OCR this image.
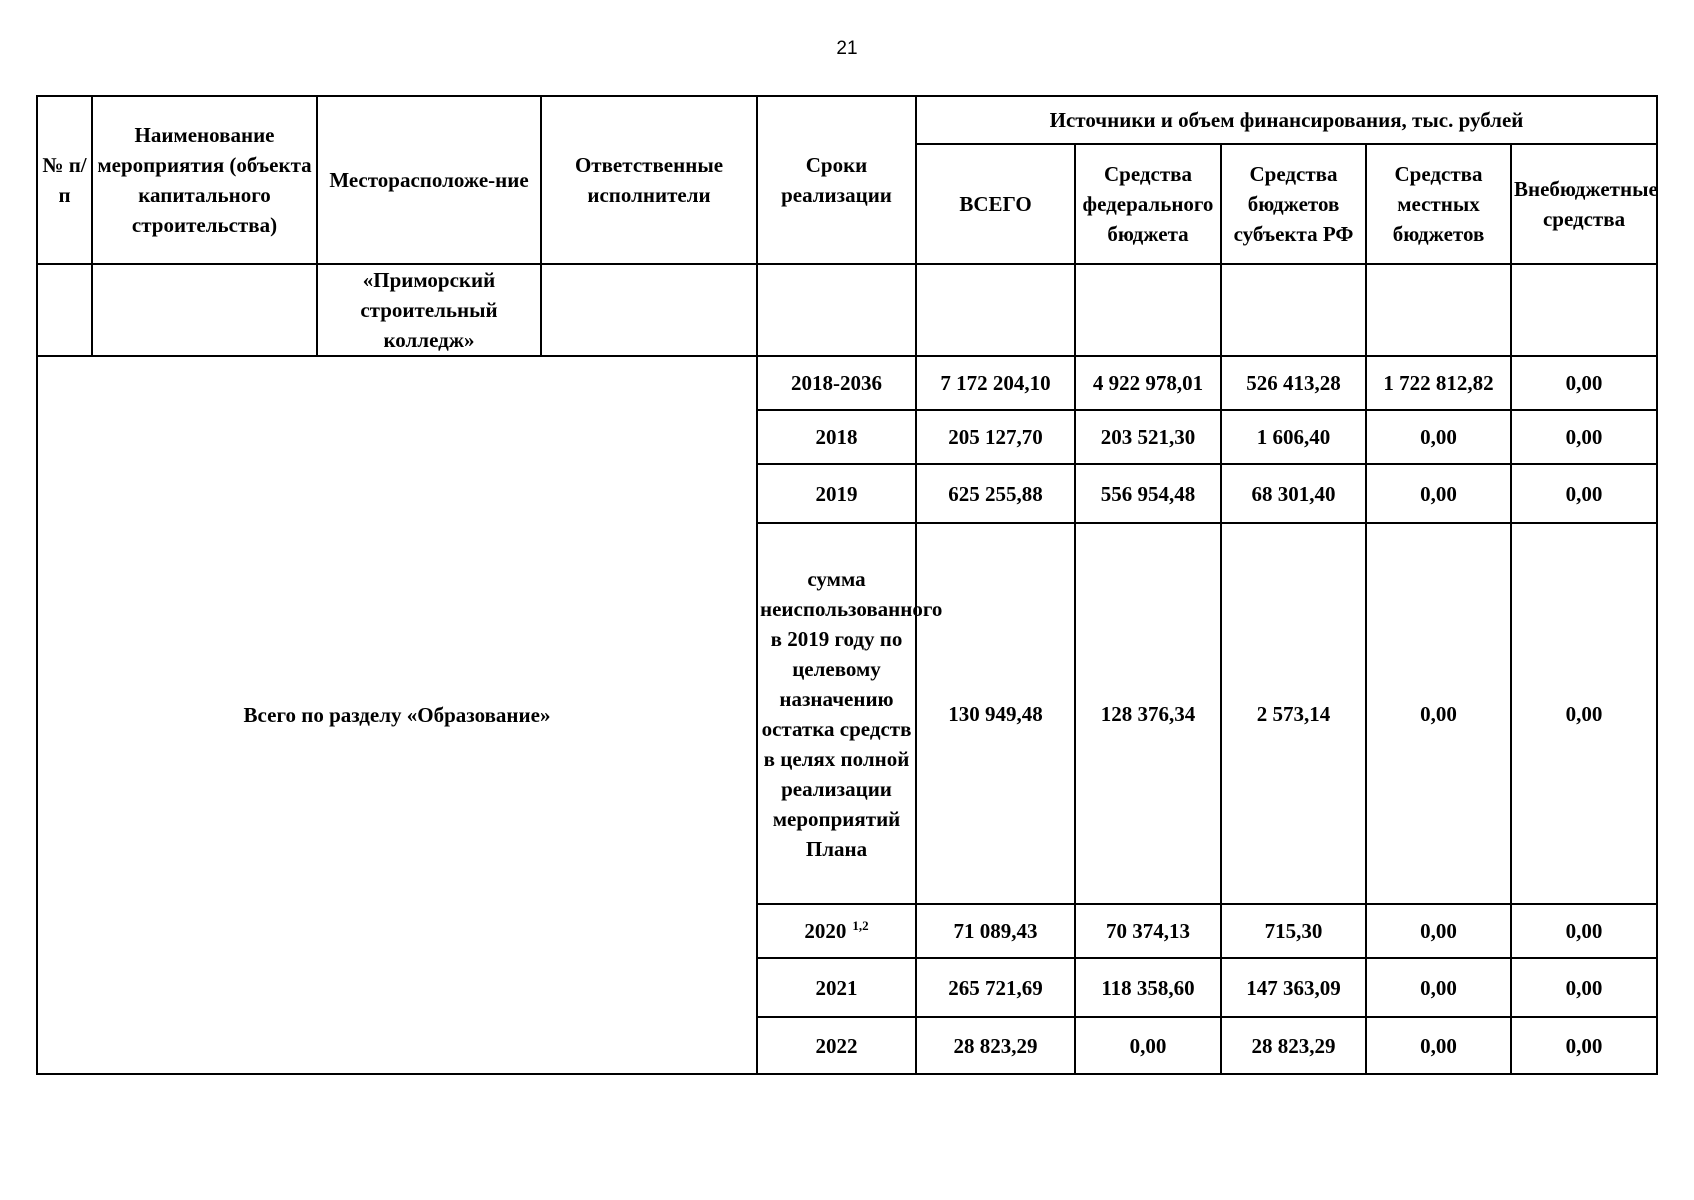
21
№ п/п	Наименование мероприятия (объекта капитального строительства)	Месторасположе-ние	Ответственные исполнители	Сроки реализации	Источники и объем финансирования, тыс. рублей				
					ВСЕГО	Средства федерального бюджета	Средства бюджетов субъекта РФ	Средства местных бюджетов	Внебюджетные средства
		«Приморский строительный колледж»							
Всего по разделу «Образование»				2018-2036	7 172 204,10	4 922 978,01	526 413,28	1 722 812,82	0,00
				2018	205 127,70	203 521,30	1 606,40	0,00	0,00
				2019	625 255,88	556 954,48	68 301,40	0,00	0,00
				сумма неиспользованного в 2019 году по целевому назначению остатка средств в целях полной реализации мероприятий Плана	130 949,48	128 376,34	2 573,14	0,00	0,00
				2020 $^{1,2}$	71 089,43	70 374,13	715,30	0,00	0,00
				2021	265 721,69	118 358,60	147 363,09	0,00	0,00
				2022	28 823,29	0,00	28 823,29	0,00	0,00
